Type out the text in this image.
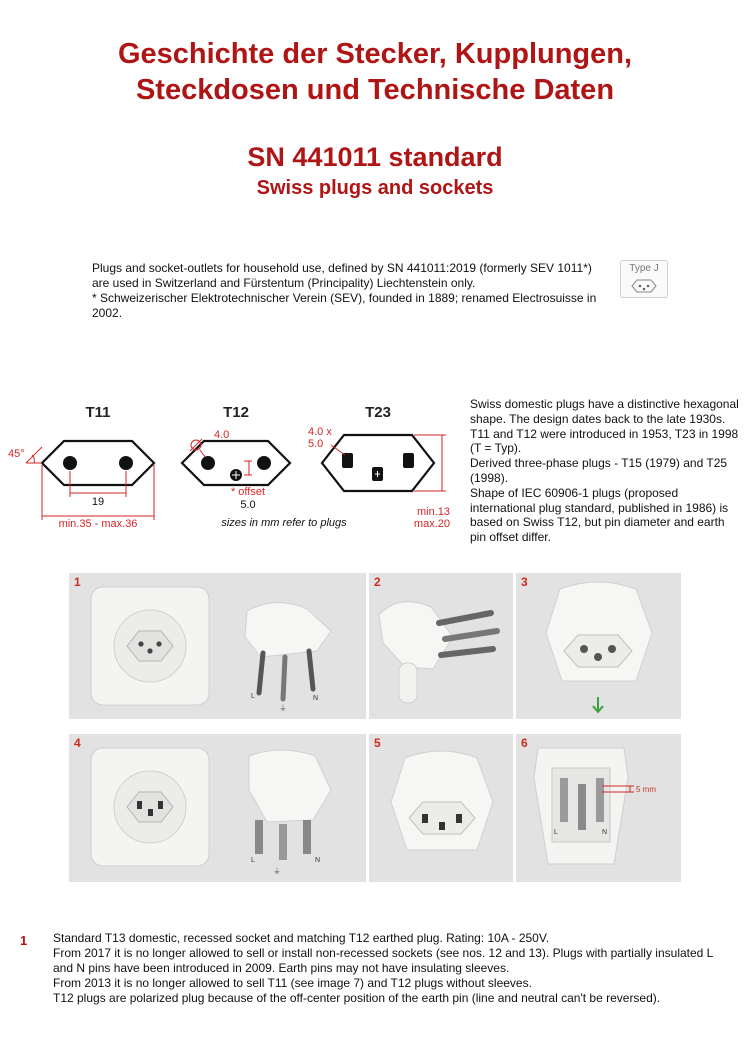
Geschichte der Stecker, Kupplungen,
Steckdosen und Technische Daten
SN 441011 standard
Swiss plugs and sockets

Plugs and socket-outlets for household use, defined by SN 441011:2019 (formerly SEV 1011*) are used in Switzerland and Fürstentum (Principality) Liechtenstein only.

* Schweizerischer Elektrotechnischer Verein (SEV), founded in 1889; renamed Electrosuisse in 2002.

Type J
T11	T12	T23
45°
19
min.35 - max.36
4.0
* offset
5.0
sizes in mm refer to plugs
4.0 x
5.0
min.13
max.20

Swiss domestic plugs have a distinctive hexagonal shape. The design dates back to the late 1930s. T11 and T12 were introduced in 1953, T23 in 1998 (T = Typ).

Derived three-phase plugs - T15 (1979) and T25 (1998).

Shape of IEC 60906-1 plugs (proposed international plug standard, published in 1986) is based on Swiss T12, but pin diameter and earth pin offset differ.

1
L
⏚
N
2	3
4
L
⏚
N
5	6
5 mm
L	N
1 Standard T13 domestic, recessed socket and matching T12 earthed plug. Rating: 10A - 250V.

From 2017 it is no longer allowed to sell or install non-recessed sockets (see nos. 12 and 13). Plugs with partially insulated L and N pins have been introduced in 2009. Earth pins may not have insulating sleeves.

From 2013 it is no longer allowed to sell T11 (see image 7) and T12 plugs without sleeves.

T12 plugs are polarized plug because of the off-center position of the earth pin (line and neutral can't be reversed).
